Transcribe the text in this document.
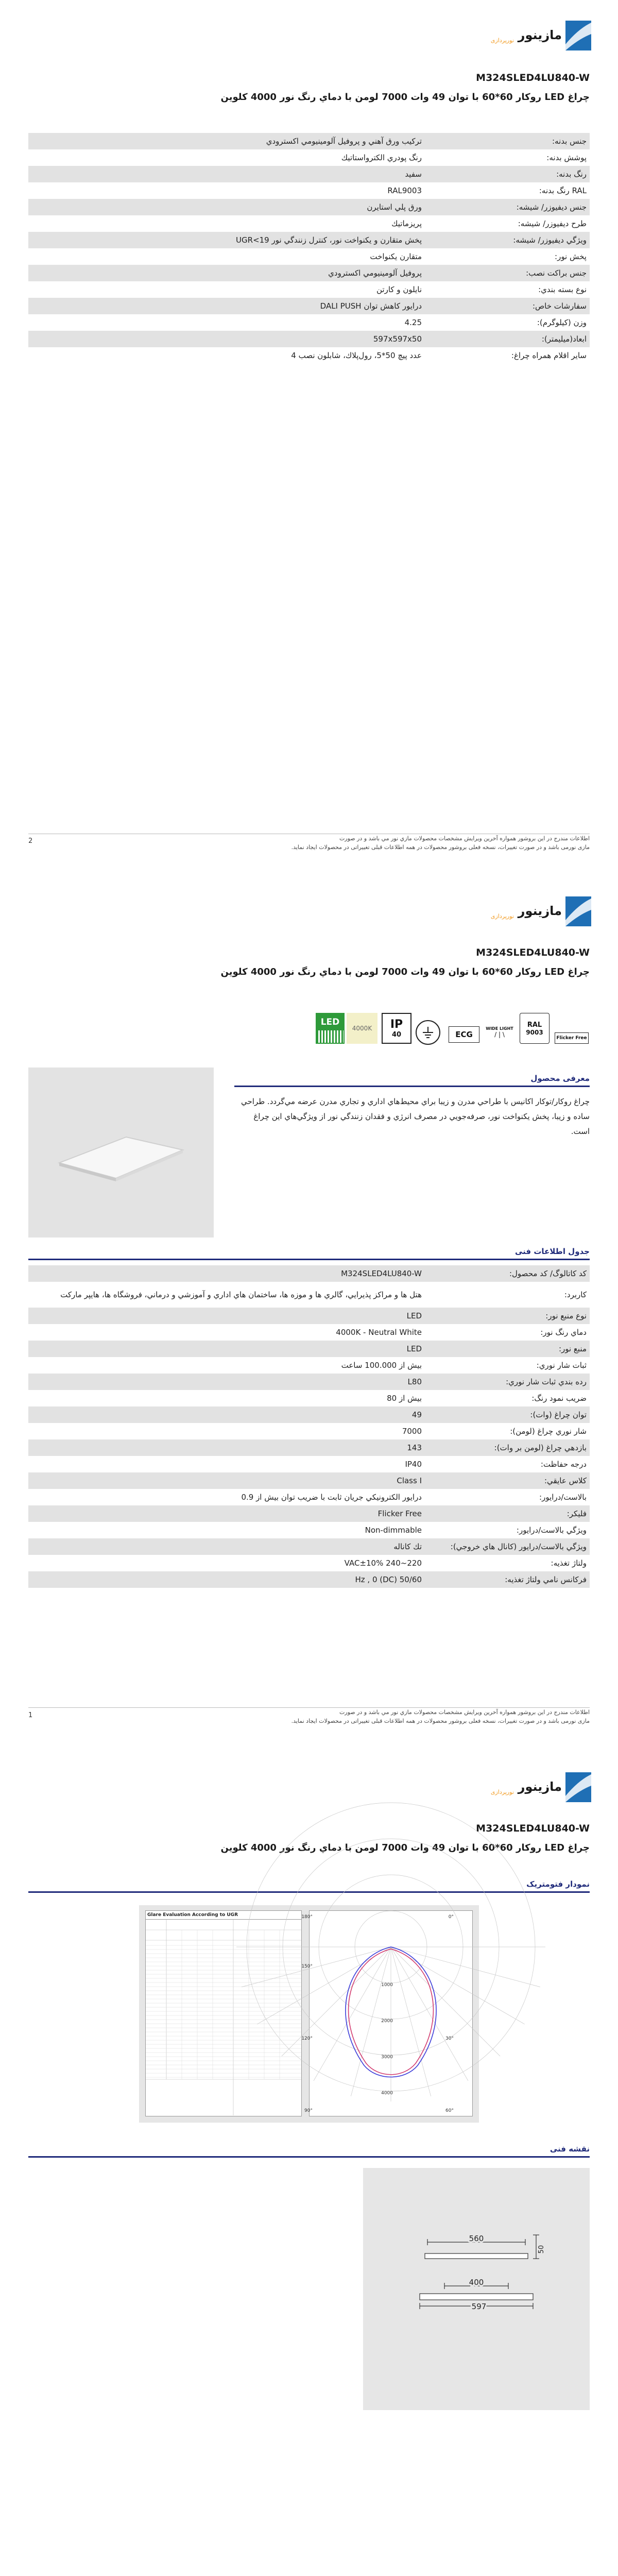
مازینور
نورپردازی
M324SLED4LU840-W
چراغ LED روكار 60*60 با توان 49 وات 7000 لومن با دماي رنگ نور 4000 كلوين
جنس بدنه:
تركيب ورق آهني و پروفيل آلومينيومي اكسترودي
پوشش بدنه:
رنگ پودري الكترواستاتيك
رنگ بدنه:
سفيد
RAL رنگ بدنه:
RAL9003
جنس ديفيوزر/ شيشه:
ورق پلي استايرن
طرح ديفيوزر/ شيشه:
پريزماتيك
ويژگي ديفيوزر/ شيشه:
پخش متقارن و يكنواخت نور، كنترل زنندگي نور UGR<19
پخش نور:
متقارن يكنواخت
جنس براكت نصب:
پروفيل آلومينيومي اكسترودي
نوع بسته بندي:
نايلون و كارتن
سفارشات خاص:
درايور كاهش توان DALI PUSH
وزن (كيلوگرم):
4.25
ابعاد(ميليمتر):
597x597x50
ساير اقلام همراه چراغ:
عدد پيچ 50*5، رول‌پلاك، شابلون نصب 4
اطلاعات مندرج در اين بروشور همواره آخرين ويرايش مشخصات محصولات مازي نور مي باشد و در صورت
مازی نورمی باشد و در صورت تغییرات، نسخه فعلی بروشور محصولات در همه اطلاعات قبلی تغییراتی در محصولات ایجاد نماید.
2
مازینور
نورپردازی
M324SLED4LU840-W
چراغ LED روكار 60*60 با توان 49 وات 7000 لومن با دماي رنگ نور 4000 كلوين
Flicker Free
RAL
9003
WIDE LIGHT
/ | \
ECG
IP
40
4000K
LED
معرفی محصول
چراغ روكار/توكار اكانيس با طراحي مدرن و زيبا براي محيط‌هاي اداري و تجاري مدرن عرضه مي‌گردد. طراحي ساده و زيبا، پخش يكنواخت نور، صرفه‌جويي در مصرف انرژي و فقدان زنندگي نور از ويژگي‌هاي اين چراغ است.
جدول اطلاعات فنی
كد كاتالوگ/ كد محصول:
M324SLED4LU840-W
كاربرد:
هتل ها و مراكز پذيرايي، گالري ها و موزه ها، ساختمان هاي اداري و آموزشي و درماني، فروشگاه ها، هايپر ماركت
نوع منبع نور:
LED
دماي رنگ نور:
4000K - Neutral White
منبع نور:
LED
ثبات شار نوري:
بيش از 100.000 ساعت
رده بندي ثبات شار نوري:
L80
ضريب نمود رنگ:
بيش از 80
توان چراغ (وات):
49
شار نوري چراغ (لومن):
7000
بازدهي چراغ (لومن بر وات):
143
درجه حفاظت:
IP40
كلاس عايقي:
Class I
بالاست/درايور:
درايور الكترونيكي جريان ثابت با ضريب توان بيش از 0.9
فليكر:
Flicker Free
ويژگي بالاست/درايور:
Non-dimmable
ويژگي بالاست/درايور (كانال هاي خروجي):
تك كاناله
ولتاژ تغذيه:
220~240 VAC±10%
فركانس نامي ولتاژ تغذيه:
50/60 Hz , 0 (DC)
اطلاعات مندرج در اين بروشور همواره آخرين ويرايش مشخصات محصولات مازي نور مي باشد و در صورت
مازی نورمی باشد و در صورت تغییرات، نسخه فعلی بروشور محصولات در همه اطلاعات قبلی تغییراتی در محصولات ایجاد نماید.
1
مازینور
نورپردازی
M324SLED4LU840-W
چراغ LED روكار 60*60 با توان 49 وات 7000 لومن با دماي رنگ نور 4000 كلوين
نمودار فتومتريک
Glare Evaluation According to UGR	180°
150°
120°
90°	60°
30°
0°
1000
2000
3000
4000
نقشه فنی
560
50
400
597
